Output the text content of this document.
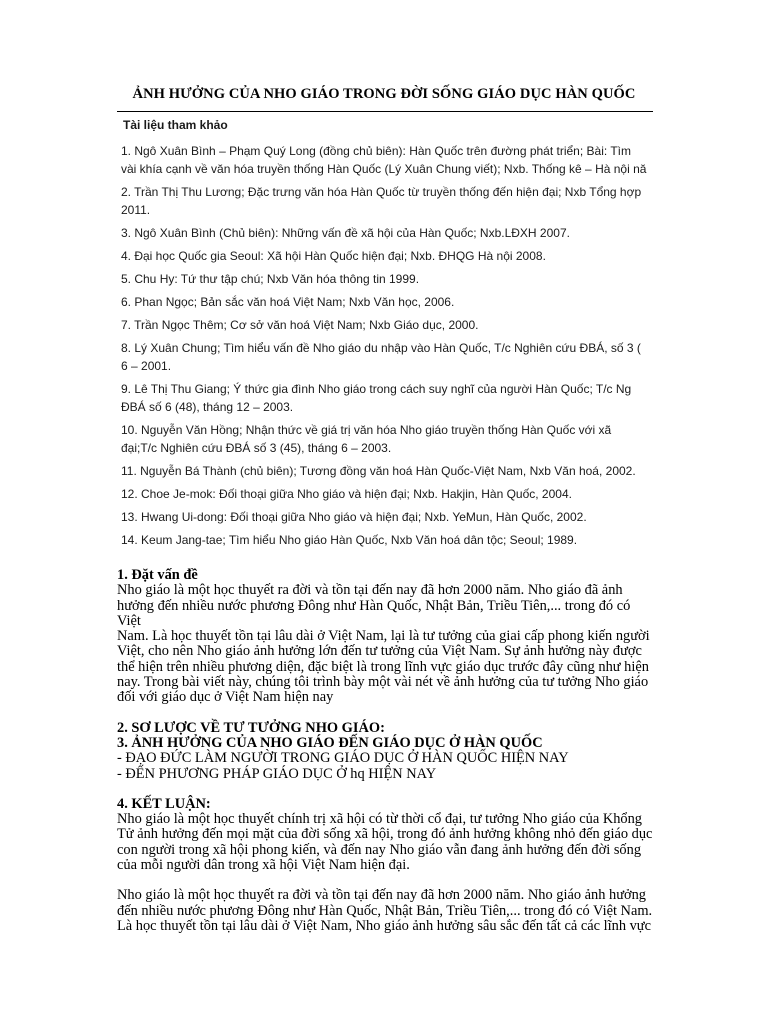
ẢNH HƯỞNG CỦA NHO GIÁO TRONG ĐỜI SỐNG GIÁO DỤC HÀN QUỐC
Tài liệu tham khảo
1. Ngô Xuân Bình – Phạm Quý Long (đồng chủ biên): Hàn Quốc trên đường phát triển; Bài: Tìm
vài khía cạnh về văn hóa truyền thống Hàn Quốc (Lý Xuân Chung viết); Nxb. Thống kê – Hà nội nă
2. Trần Thị Thu Lương; Đặc trưng văn hóa Hàn Quốc từ truyền thống đến hiện đại; Nxb Tổng hợp
2011.
3. Ngô Xuân Bình (Chủ biên): Những vấn đề xã hội của Hàn Quốc; Nxb.LĐXH 2007.
4. Đại học Quốc gia Seoul: Xã hội Hàn Quốc hiện đại; Nxb. ĐHQG Hà nội 2008.
5. Chu Hy: Tứ thư tập chú; Nxb Văn hóa thông tin 1999.
6. Phan Ngọc; Bản sắc văn hoá Việt Nam; Nxb Văn học, 2006.
7. Trần Ngọc Thêm; Cơ sở văn hoá Việt Nam; Nxb Giáo dục, 2000.
8. Lý Xuân Chung; Tìm hiểu vấn đề Nho giáo du nhập vào Hàn Quốc, T/c Nghiên cứu ĐBÁ, số 3 (
6 – 2001.
9. Lê Thị Thu Giang; Ý thức gia đình Nho giáo trong cách suy nghĩ của người Hàn Quốc; T/c Ng
ĐBÁ số 6 (48), tháng 12 – 2003.
10. Nguyễn Văn Hồng; Nhận thức về giá trị văn hóa Nho giáo truyền thống Hàn Quốc với xã
đại;T/c Nghiên cứu ĐBÁ số 3 (45), tháng 6 – 2003.
11. Nguyễn Bá Thành (chủ biên); Tương đồng văn hoá Hàn Quốc-Việt Nam, Nxb Văn hoá, 2002.
12. Choe Je-mok: Đối thoại giữa Nho giáo và hiện đại; Nxb. Hakjin, Hàn Quốc, 2004.
13. Hwang Ui-dong: Đối thoại giữa Nho giáo và hiện đại; Nxb. YeMun, Hàn Quốc, 2002.
14. Keum Jang-tae; Tìm hiểu Nho giáo Hàn Quốc, Nxb Văn hoá dân tộc; Seoul; 1989.

1. Đặt vấn đề

Nho giáo là một học thuyết ra đời và tồn tại đến nay đã hơn 2000 năm. Nho giáo đã ảnh

hưởng đến nhiều nước phương Đông như Hàn Quốc, Nhật Bản, Triều Tiên,... trong đó có Việt

Nam. Là học thuyết tồn tại lâu dài ở Việt Nam, lại là tư tưởng của giai cấp phong kiến người

Việt, cho nên Nho giáo ảnh hưởng lớn đến tư tưởng của Việt Nam. Sự ảnh hưởng này được

thể hiện trên nhiều phương diện, đặc biệt là trong lĩnh vực giáo dục trước đây cũng như hiện

nay. Trong bài viết này, chúng tôi trình bày một vài nét về ảnh hưởng của tư tưởng Nho giáo

đối với giáo dục ở Việt Nam hiện nay

2. SƠ LƯỢC VỀ TƯ TƯỞNG NHO GIÁO:

3. ẢNH HƯỞNG CỦA NHO GIÁO ĐẾN GIÁO DỤC Ở HÀN QUỐC

- ĐẠO ĐỨC LÀM NGƯỜI TRONG GIÁO DỤC Ở HÀN QUỐC HIỆN NAY

- ĐẾN PHƯƠNG PHÁP GIÁO DỤC Ở hq HIỆN NAY

4. KẾT LUẬN:

Nho giáo là một học thuyết chính trị xã hội có từ thời cổ đại, tư tưởng Nho giáo của Khổng

Tử ảnh hưởng đến mọi mặt của đời sống xã hội, trong đó ảnh hưởng không nhỏ đến giáo dục

con người trong xã hội phong kiến, và đến nay Nho giáo vẫn đang ảnh hưởng đến đời sống

của mỗi người dân trong xã hội Việt Nam hiện đại.

Nho giáo là một học thuyết ra đời và tồn tại đến nay đã hơn 2000 năm. Nho giáo ảnh hưởng

đến nhiều nước phương Đông như Hàn Quốc, Nhật Bản, Triều Tiên,... trong đó có Việt Nam.

Là học thuyết tồn tại lâu dài ở Việt Nam, Nho giáo ảnh hưởng sâu sắc đến tất cả các lĩnh vực
